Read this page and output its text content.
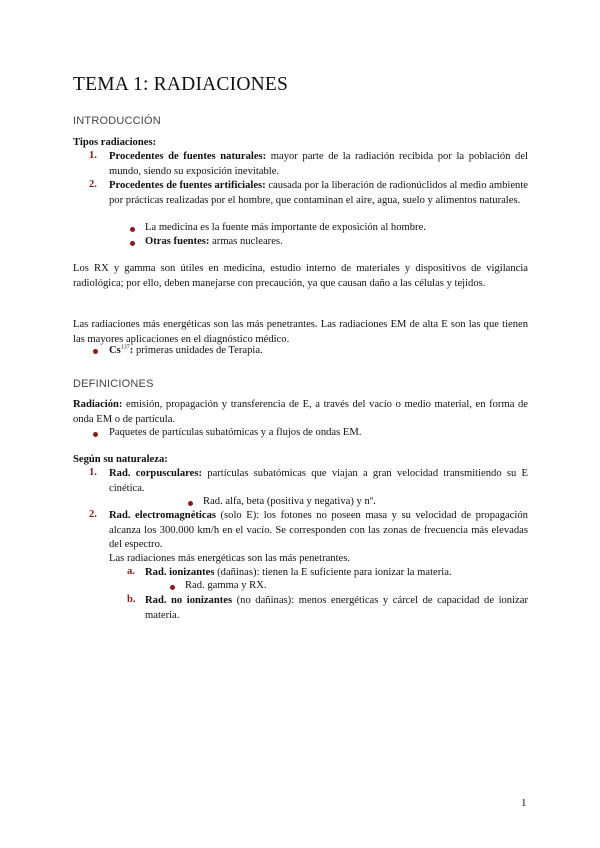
TEMA 1: RADIACIONES
INTRODUCCIÓN
Tipos radiaciones:
1. Procedentes de fuentes naturales: mayor parte de la radiación recibida por la población del mundo, siendo su exposición inevitable.
2. Procedentes de fuentes artificiales: causada por la liberación de radionúclidos al medio ambiente por prácticas realizadas por el hombre, que contaminan el aire, agua, suelo y alimentos naturales.
La medicina es la fuente más importante de exposición al hombre.
Otras fuentes: armas nucleares.
Los RX y gamma son útiles en medicina, estudio interno de materiales y dispositivos de vigilancia radiológica; por ello, deben manejarse con precaución, ya que causan daño a las células y tejidos.
Las radiaciones más energéticas son las más penetrantes. Las radiaciones EM de alta E son las que tienen las mayores aplicaciones en el diagnóstico médico.
Cs$^{137}$: primeras unidades de Terapia.
DEFINICIONES
Radiación: emisión, propagación y transferencia de E, a través del vacío o medio material, en forma de onda EM o de partícula.
Paquetes de partículas subatómicas y a flujos de ondas EM.
Según su naturaleza:
1. Rad. corpusculares: partículas subatómicas que viajan a gran velocidad transmitiendo su E cinética.
Rad. alfa, beta (positiva y negativa) y nº.
2. Rad. electromagnéticas (solo E): los fotones no poseen masa y su velocidad de propagación alcanza los 300.000 km/h en el vacío. Se corresponden con las zonas de frecuencia más elevadas del espectro.
Las radiaciones más energéticas son las más penetrantes.
a. Rad. ionizantes (dañinas): tienen la E suficiente para ionizar la materia.
Rad. gamma y RX.
b. Rad. no ionizantes (no dañinas): menos energéticas y cárcel de capacidad de ionizar materia.
1
